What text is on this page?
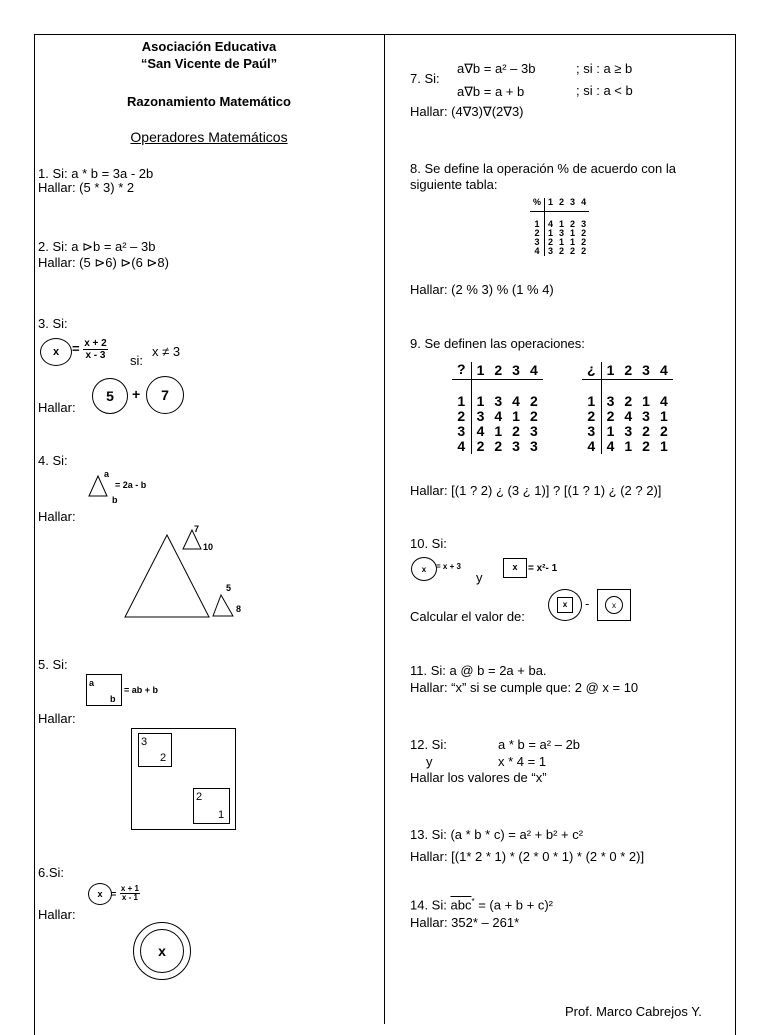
Asociación Educativa
“San Vicente de Paúl”
Razonamiento Matemático
Operadores Matemáticos
1. Si: a * b = 3a - 2b
Hallar: (5 * 3) * 2
2. Si: a ⊳b = a² – 3b
Hallar: (5 ⊳6) ⊳(6 ⊳8)
3. Si:
$x = \frac{x + 2}{x - 3}$ si:
x ≠ 3
Hallar:
5	+	7
4. Si:
a
b
= 2a - b
Hallar:
7
10
5
8
5. Si:
a
b
= ab + b
Hallar:
3
2
2
1
6.Si:
$x = \frac{x + 1}{x - 1}$
Hallar:
x
7. Si:
a∇b = a² – 3b	; si : a ≥ b
a∇b = a + b	; si : a < b
Hallar: (4∇3)∇(2∇3)
8. Se define la operación % de acuerdo con la
siguiente tabla:
%	1	2	3	4

1	4	1	2	3
2	1	3	1	2
3	2	1	1	2
4	3	2	2	2
Hallar: (2 % 3) % (1 % 4)
9. Se definen las operaciones:
?	1	2	3	4

1	1	3	4	2
2	3	4	1	2
3	4	1	2	3
4	2	2	3	3
¿	1	2	3	4

1	3	2	1	4
2	2	4	3	1
3	1	3	2	2
4	4	1	2	1
Hallar: [(1 ? 2) ¿ (3 ¿ 1)] ? [(1 ? 1) ¿ (2 ? 2)]
10. Si:
x	= x + 3
y
x	= x²- 1
Calcular el valor de:
x	-	x
11. Si: a @ b = 2a + ba.
Hallar: “x” si se cumple que: 2 @ x = 10
12. Si:	a * b = a² – 2b
y	x * 4 = 1
Hallar los valores de “x”
13. Si: (a * b * c) = a² + b² + c²
Hallar: [(1* 2 * 1) * (2 * 0 * 1) * (2 * 0 * 2)]
14. Si: $\overline{abc}^* = (a + b + c)^2$
Hallar: 352* – 261*
Prof. Marco Cabrejos Y.
